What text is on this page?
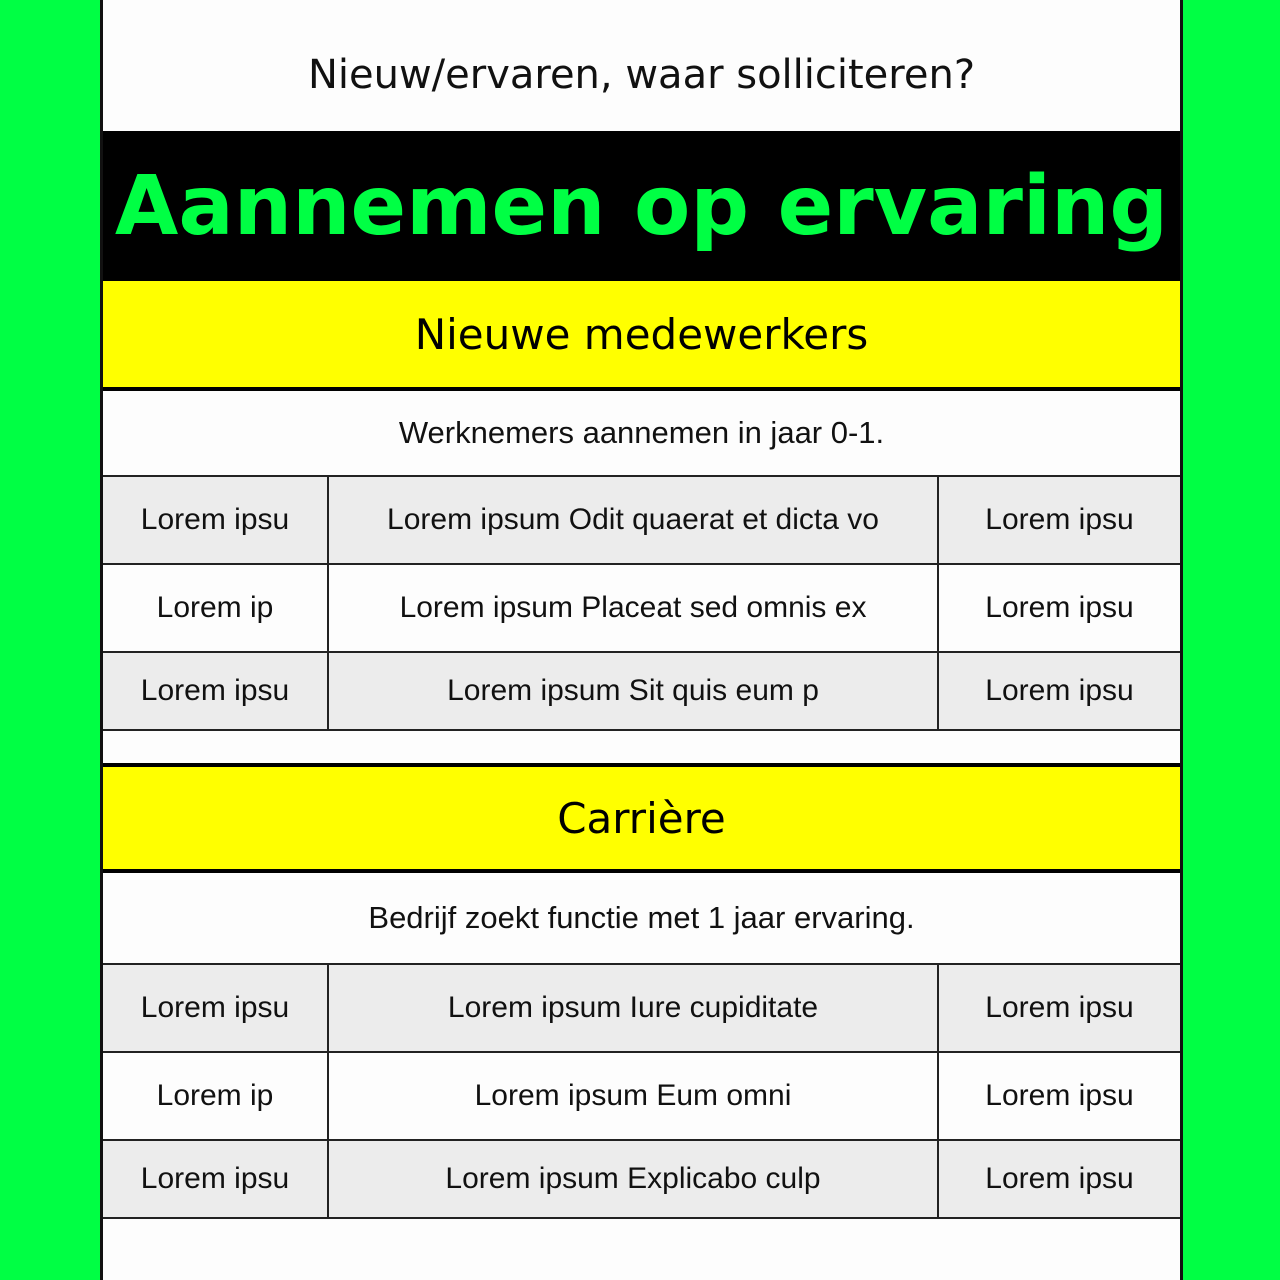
Nieuw/ervaren, waar solliciteren?
Aannemen op ervaring
Nieuwe medewerkers
Werknemers aannemen in jaar 0-1.
Lorem ipsu	Lorem ipsum Odit quaerat et dicta vo	Lorem ipsu
Lorem ip	Lorem ipsum Placeat sed omnis ex	Lorem ipsu
Lorem ipsu	Lorem ipsum Sit quis eum p	Lorem ipsu
Carrière
Bedrijf zoekt functie met 1 jaar ervaring.
Lorem ipsu	Lorem ipsum Iure cupiditate	Lorem ipsu
Lorem ip	Lorem ipsum Eum omni	Lorem ipsu
Lorem ipsu	Lorem ipsum Explicabo culp	Lorem ipsu
